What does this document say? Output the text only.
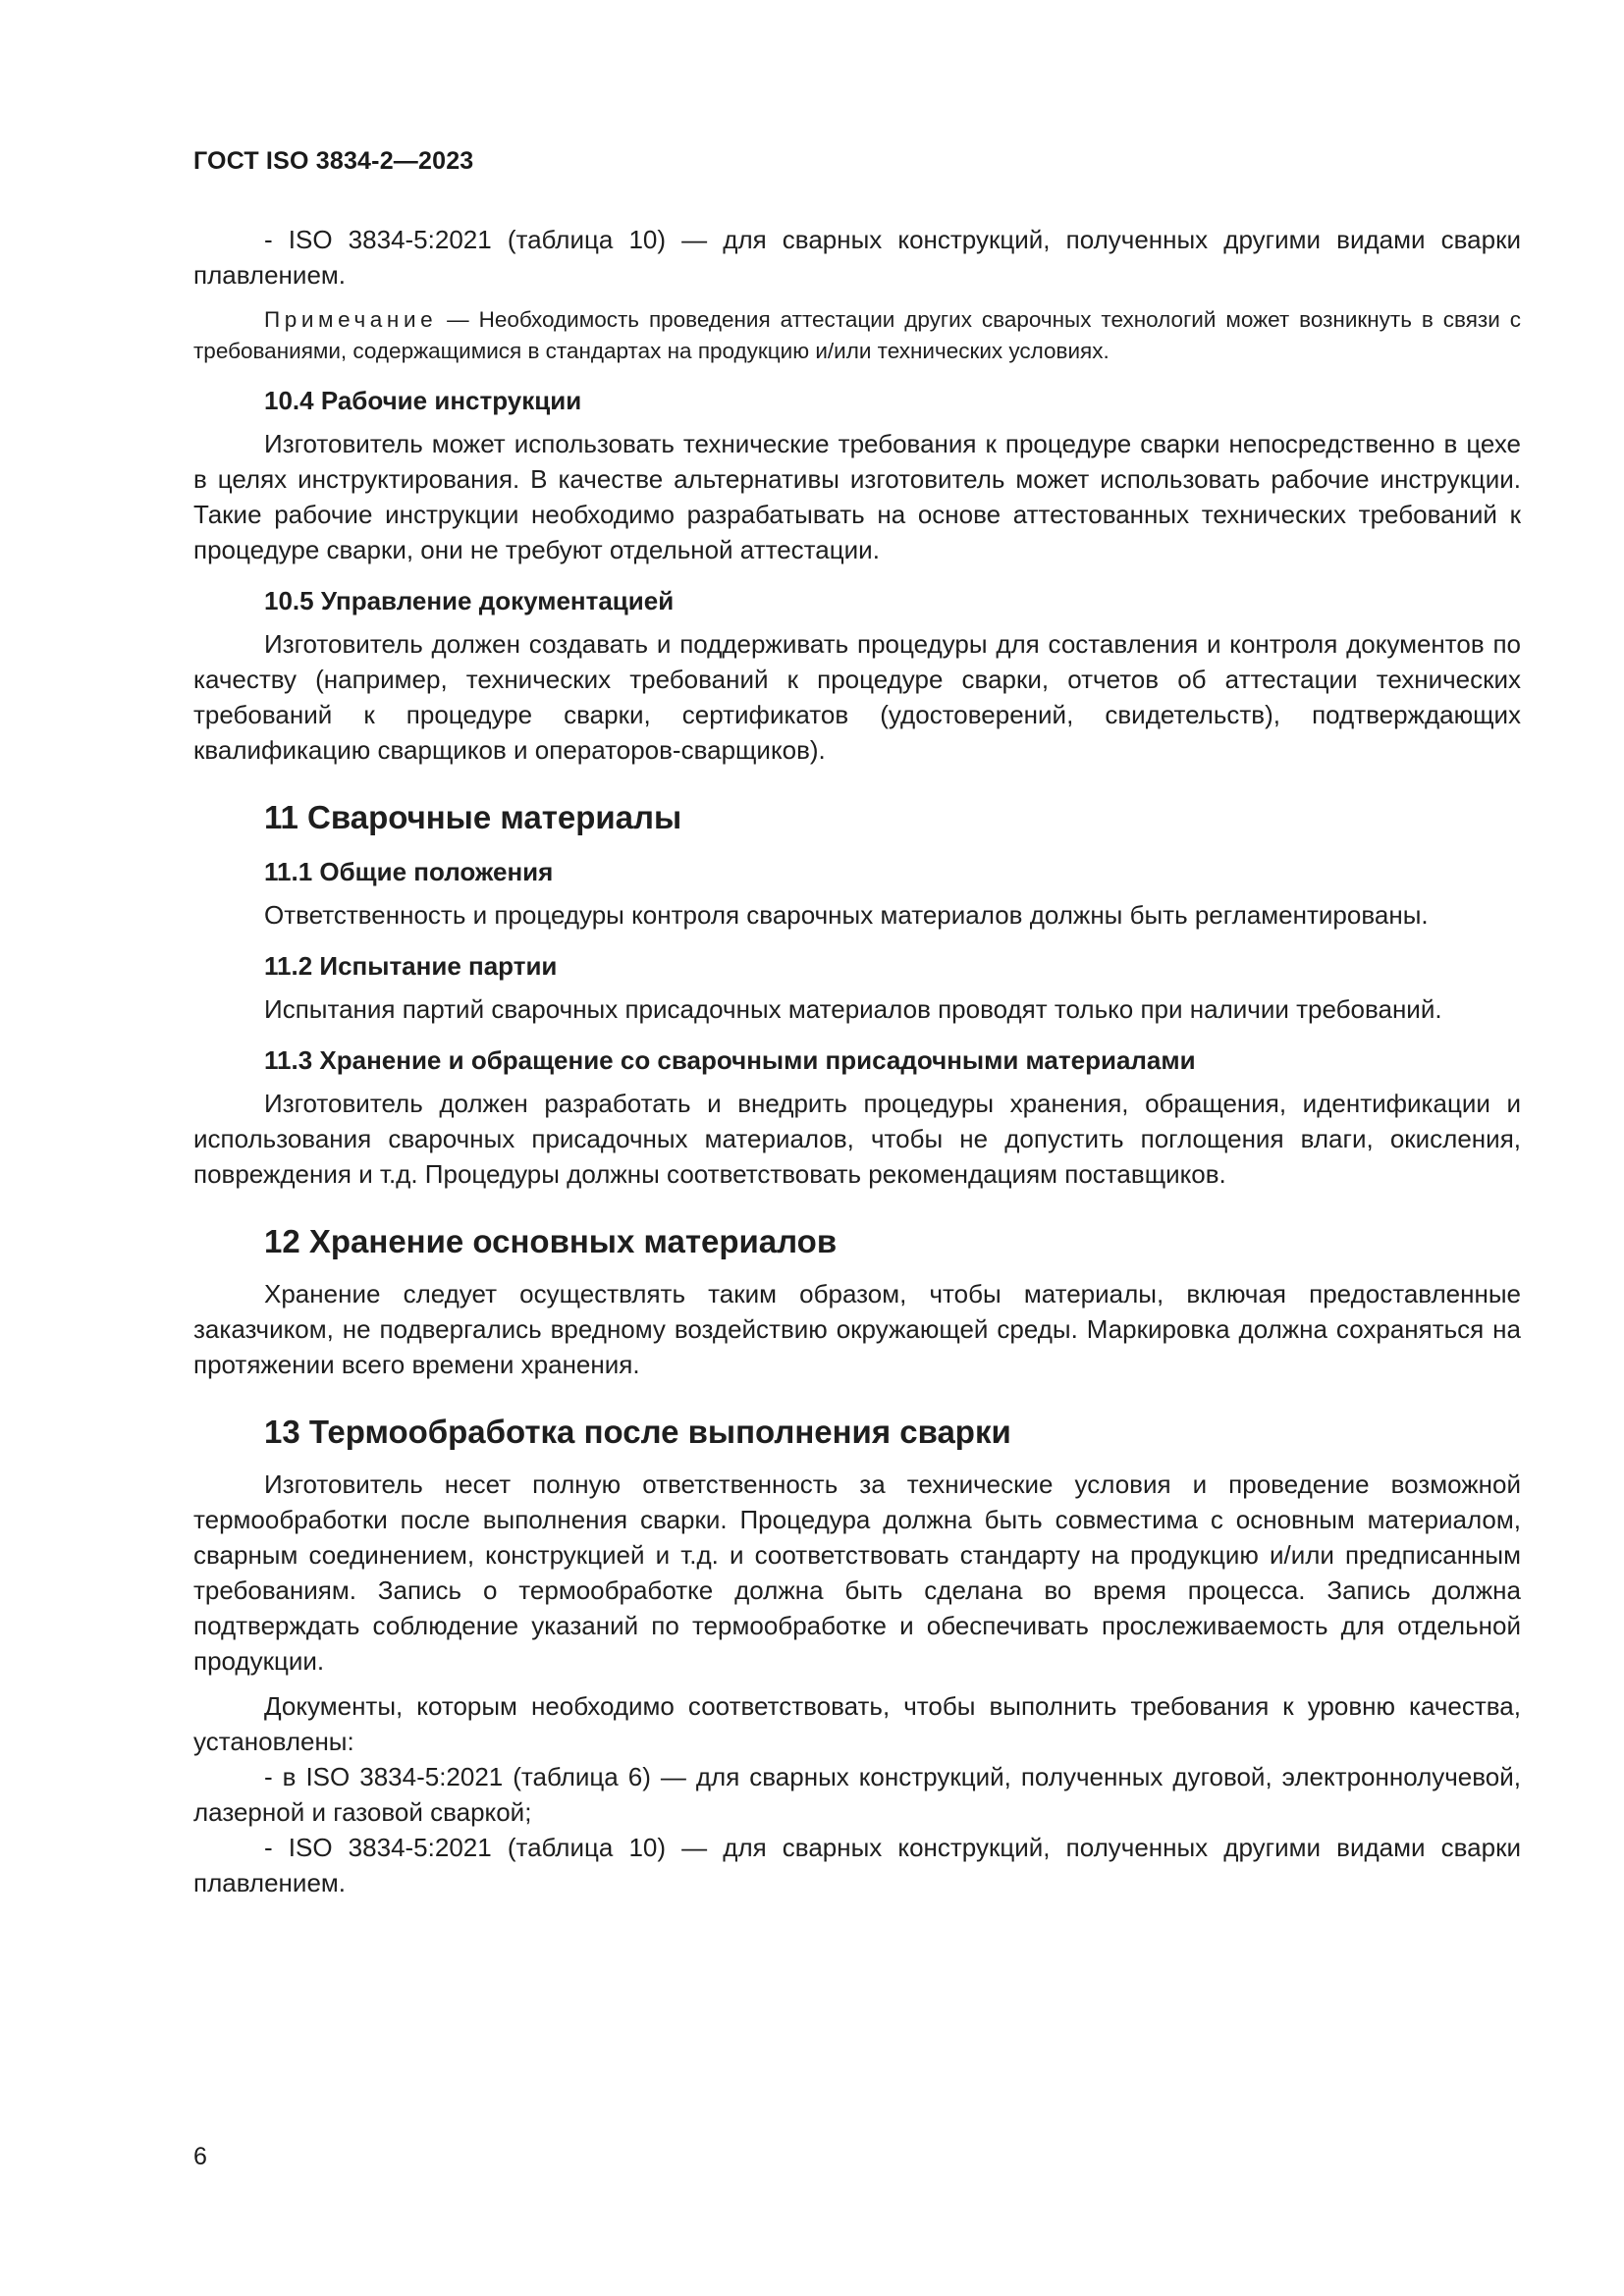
ГОСТ ISO 3834-2—2023

- ISO 3834-5:2021 (таблица 10) — для сварных конструкций, полученных другими видами сварки плавлением.

Примечание — Необходимость проведения аттестации других сварочных технологий может возникнуть в связи с требованиями, содержащимися в стандартах на продукцию и/или технических условиях.

10.4 Рабочие инструкции

Изготовитель может использовать технические требования к процедуре сварки непосредственно в цехе в целях инструктирования. В качестве альтернативы изготовитель может использовать рабочие инструкции. Такие рабочие инструкции необходимо разрабатывать на основе аттестованных технических требований к процедуре сварки, они не требуют отдельной аттестации.

10.5 Управление документацией

Изготовитель должен создавать и поддерживать процедуры для составления и контроля документов по качеству (например, технических требований к процедуре сварки, отчетов об аттестации технических требований к процедуре сварки, сертификатов (удостоверений, свидетельств), подтверждающих квалификацию сварщиков и операторов-сварщиков).

11 Сварочные материалы
11.1 Общие положения

Ответственность и процедуры контроля сварочных материалов должны быть регламентированы.

11.2 Испытание партии

Испытания партий сварочных присадочных материалов проводят только при наличии требований.

11.3 Хранение и обращение со сварочными присадочными материалами

Изготовитель должен разработать и внедрить процедуры хранения, обращения, идентификации и использования сварочных присадочных материалов, чтобы не допустить поглощения влаги, окисления, повреждения и т.д. Процедуры должны соответствовать рекомендациям поставщиков.

12 Хранение основных материалов

Хранение следует осуществлять таким образом, чтобы материалы, включая предоставленные заказчиком, не подвергались вредному воздействию окружающей среды. Маркировка должна сохраняться на протяжении всего времени хранения.

13 Термообработка после выполнения сварки

Изготовитель несет полную ответственность за технические условия и проведение возможной термообработки после выполнения сварки. Процедура должна быть совместима с основным материалом, сварным соединением, конструкцией и т.д. и соответствовать стандарту на продукцию и/или предписанным требованиям. Запись о термообработке должна быть сделана во время процесса. Запись должна подтверждать соблюдение указаний по термообработке и обеспечивать прослеживаемость для отдельной продукции.

Документы, которым необходимо соответствовать, чтобы выполнить требования к уровню качества, установлены:

- в ISO 3834-5:2021 (таблица 6) — для сварных конструкций, полученных дуговой, электроннолучевой, лазерной и газовой сваркой;

- ISO 3834-5:2021 (таблица 10) — для сварных конструкций, полученных другими видами сварки плавлением.

6
